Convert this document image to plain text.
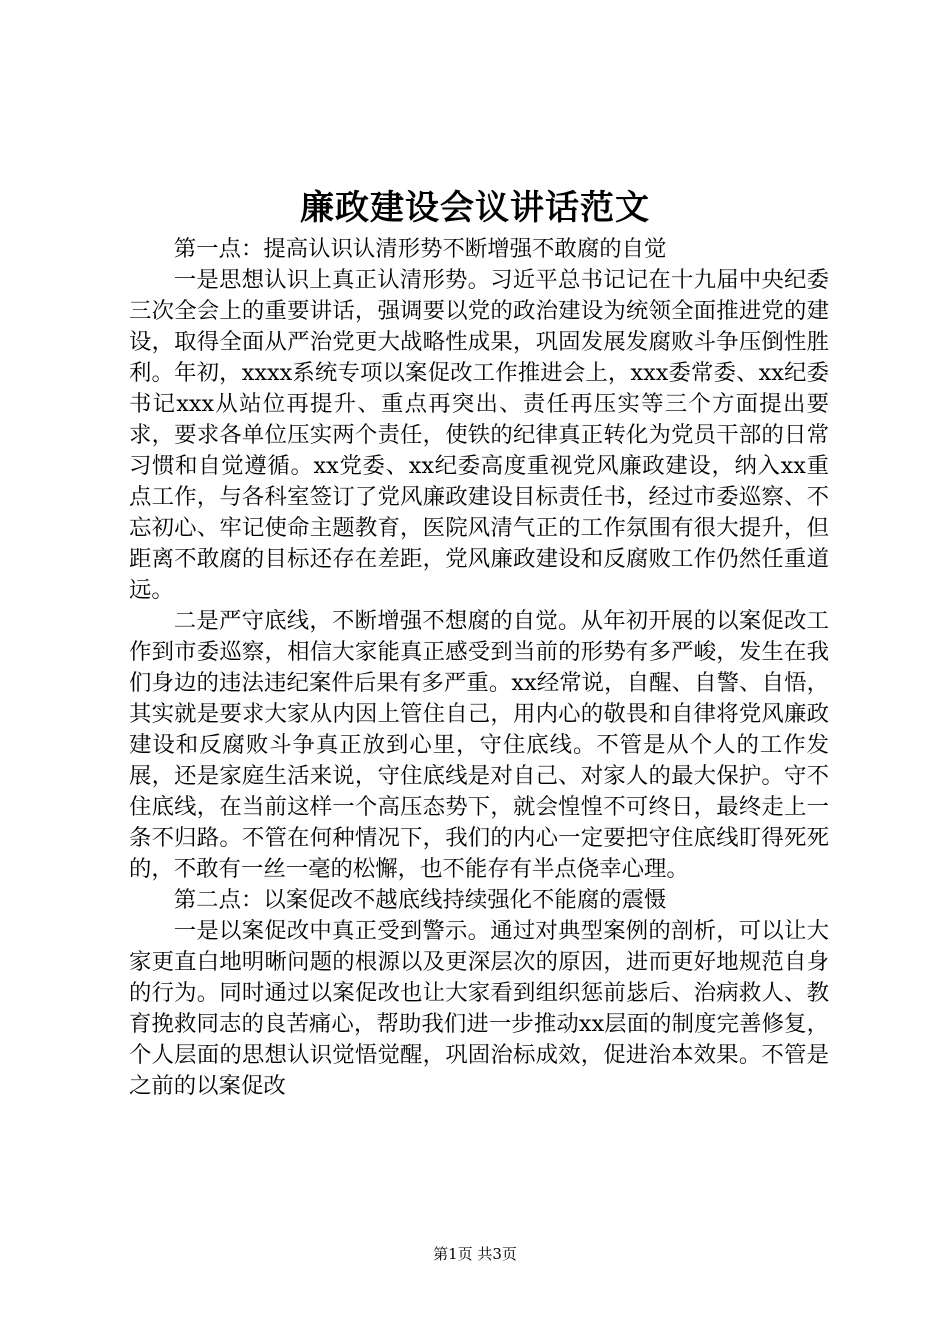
廉政建设会议讲话范文

第一点：提高认识认清形势不断增强不敢腐的自觉

一是思想认识上真正认清形势。习近平总书记记在十九届中央纪委三次全会上的重要讲话，强调要以党的政治建设为统领全面推进党的建设，取得全面从严治党更大战略性成果，巩固发展发腐败斗争压倒性胜利。年初，xxxx系统专项以案促改工作推进会上，xxx委常委、xx纪委书记xxx从站位再提升、重点再突出、责任再压实等三个方面提出要求，要求各单位压实两个责任，使铁的纪律真正转化为党员干部的日常习惯和自觉遵循。xx党委、xx纪委高度重视党风廉政建设，纳入xx重点工作，与各科室签订了党风廉政建设目标责任书，经过市委巡察、不忘初心、牢记使命主题教育，医院风清气正的工作氛围有很大提升，但距离不敢腐的目标还存在差距，党风廉政建设和反腐败工作仍然任重道远。

二是严守底线，不断增强不想腐的自觉。从年初开展的以案促改工作到市委巡察，相信大家能真正感受到当前的形势有多严峻，发生在我们身边的违法违纪案件后果有多严重。xx经常说，自醒、自警、自悟，其实就是要求大家从内因上管住自己，用内心的敬畏和自律将党风廉政建设和反腐败斗争真正放到心里，守住底线。不管是从个人的工作发展，还是家庭生活来说，守住底线是对自己、对家人的最大保护。守不住底线，在当前这样一个高压态势下，就会惶惶不可终日，最终走上一条不归路。不管在何种情况下，我们的内心一定要把守住底线盯得死死的，不敢有一丝一毫的松懈，也不能存有半点侥幸心理。

第二点：以案促改不越底线持续强化不能腐的震慑

一是以案促改中真正受到警示。通过对典型案例的剖析，可以让大家更直白地明晰问题的根源以及更深层次的原因，进而更好地规范自身的行为。同时通过以案促改也让大家看到组织惩前毖后、治病救人、教育挽救同志的良苦痛心，帮助我们进一步推动xx层面的制度完善修复，个人层面的思想认识觉悟觉醒，巩固治标成效，促进治本效果。不管是之前的以案促改

第1页 共3页
